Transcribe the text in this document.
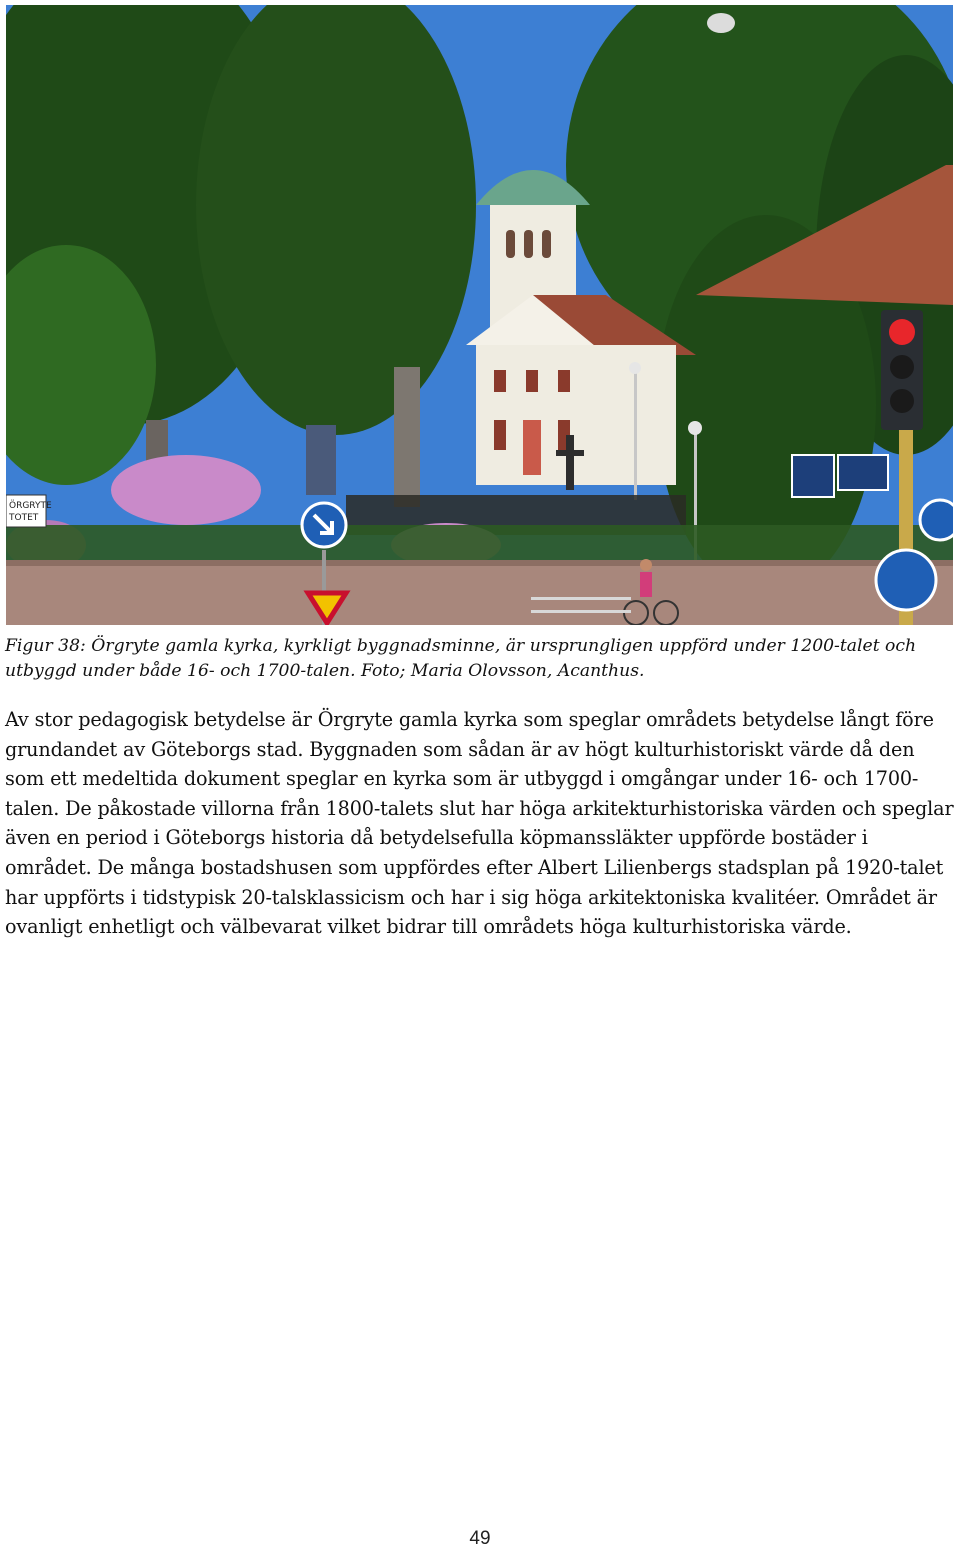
ÖRGRYTE
TOTET
Figur 38: Örgryte gamla kyrka, kyrkligt byggnadsminne, är ursprungligen uppförd under 1200-talet och utbyggd under både 16- och 1700-talen. Foto; Maria Olovsson, Acanthus.
Av stor pedagogisk betydelse är Örgryte gamla kyrka som speglar områdets betydelse långt före grundandet av Göteborgs stad. Byggnaden som sådan är av högt kulturhistoriskt värde då den som ett medeltida dokument speglar en kyrka som är utbyggd i omgångar under 16- och 1700-talen. De påkostade villorna från 1800-talets slut har höga arkitekturhistoriska värden och speglar även en period i Göteborgs historia då betydelsefulla köpmanssläkter uppförde bostäder i området. De många bostadshusen som uppfördes efter Albert Lilienbergs stadsplan på 1920-talet har uppförts i tidstypisk 20-talsklassicism och har i sig höga arkitektoniska kvalitéer. Området är ovanligt enhetligt och välbevarat vilket bidrar till områdets höga kulturhistoriska värde.
49
